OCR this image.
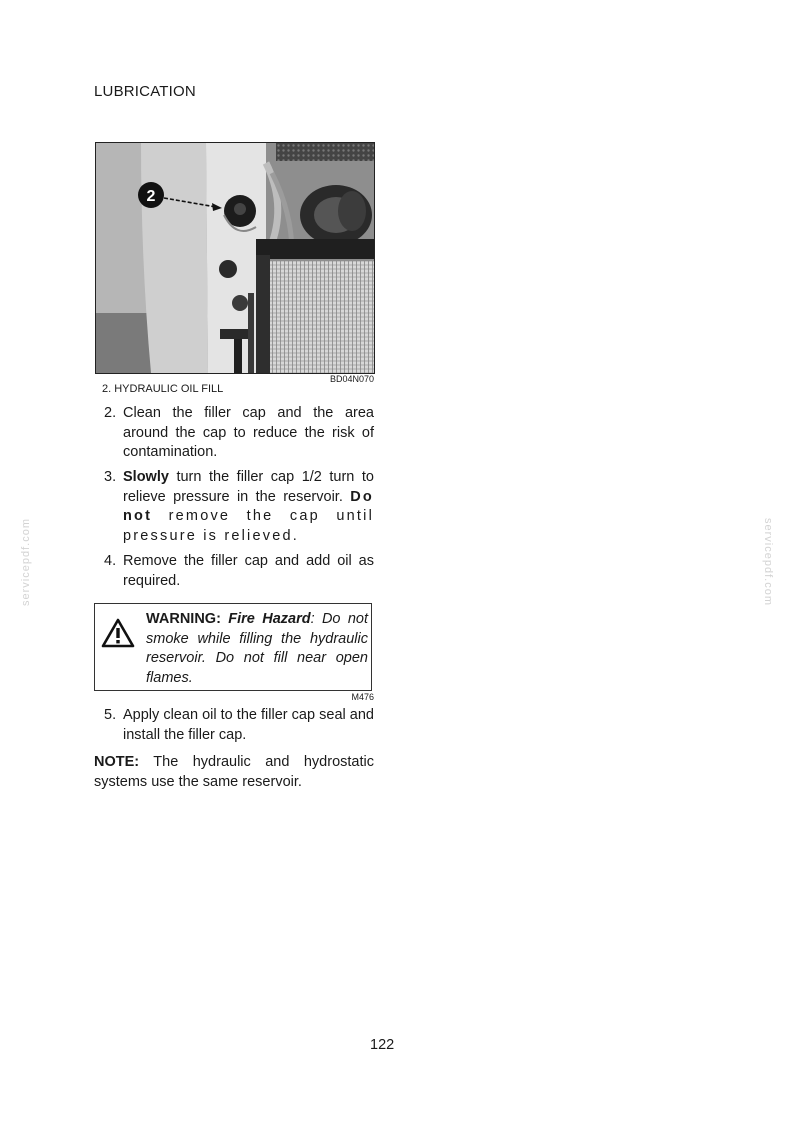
LUBRICATION
2
BD04N070
2. HYDRAULIC OIL FILL
2. Clean the filler cap and the area around the cap to reduce the risk of contamination.
3. Slowly turn the filler cap 1/2 turn to relieve pressure in the reservoir. Do not remove the cap until pressure is relieved.
4. Remove the filler cap and add oil as required.
WARNING: Fire Hazard: Do not smoke while filling the hydraulic reservoir. Do not fill near open flames.
M476
5. Apply clean oil to the filler cap seal and install the filler cap.
NOTE: The hydraulic and hydrostatic systems use the same reservoir.
servicepdf.com	servicepdf.com
122
